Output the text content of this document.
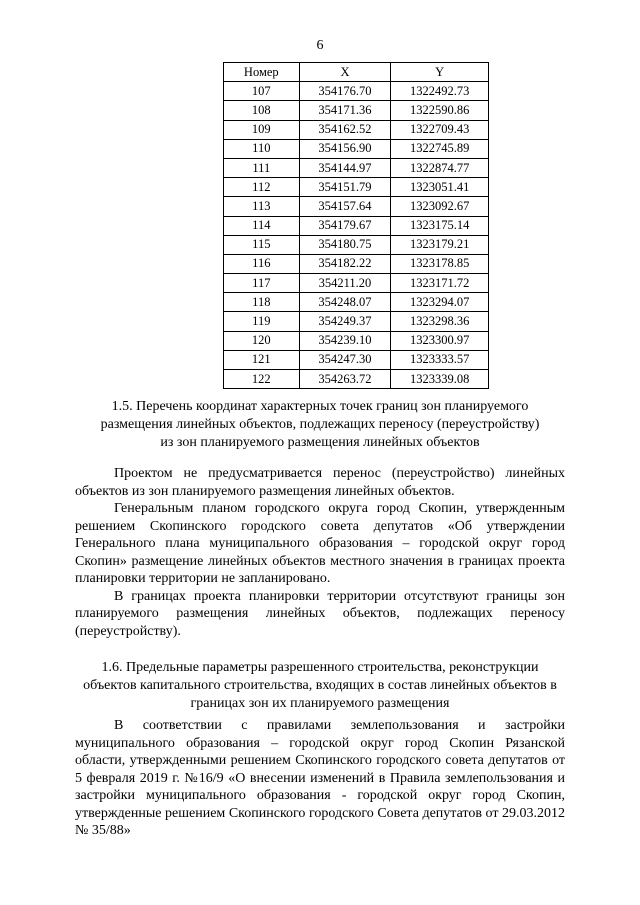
6
Номер	X	Y
107	354176.70	1322492.73
108	354171.36	1322590.86
109	354162.52	1322709.43
110	354156.90	1322745.89
111	354144.97	1322874.77
112	354151.79	1323051.41
113	354157.64	1323092.67
114	354179.67	1323175.14
115	354180.75	1323179.21
116	354182.22	1323178.85
117	354211.20	1323171.72
118	354248.07	1323294.07
119	354249.37	1323298.36
120	354239.10	1323300.97
121	354247.30	1323333.57
122	354263.72	1323339.08
1.5. Перечень координат характерных точек границ зон планируемого размещения линейных объектов, подлежащих переносу (переустройству) из зон планируемого размещения линейных объектов

Проектом не предусматривается перенос (переустройство) линейных объектов из зон планируемого размещения линейных объектов.

Генеральным планом городского округа город Скопин, утвержденным решением Скопинского городского совета депутатов «Об утверждении Генерального плана муниципального образования – городской округ город Скопин» размещение линейных объектов местного значения в границах проекта планировки территории не запланировано.

В границах проекта планировки территории отсутствуют границы зон планируемого размещения линейных объектов, подлежащих переносу (переустройству).

1.6. Предельные параметры разрешенного строительства, реконструкции объектов капитального строительства, входящих в состав линейных объектов в границах зон их планируемого размещения

В соответствии с правилами землепользования и застройки муниципального образования – городской округ город Скопин Рязанской области, утвержденными решением Скопинского городского совета депутатов от 5 февраля 2019 г. №16/9 «О внесении изменений в Правила землепользования и застройки муниципального образования - городской округ город Скопин, утвержденные решением Скопинского городского Совета депутатов от 29.03.2012 № 35/88»
